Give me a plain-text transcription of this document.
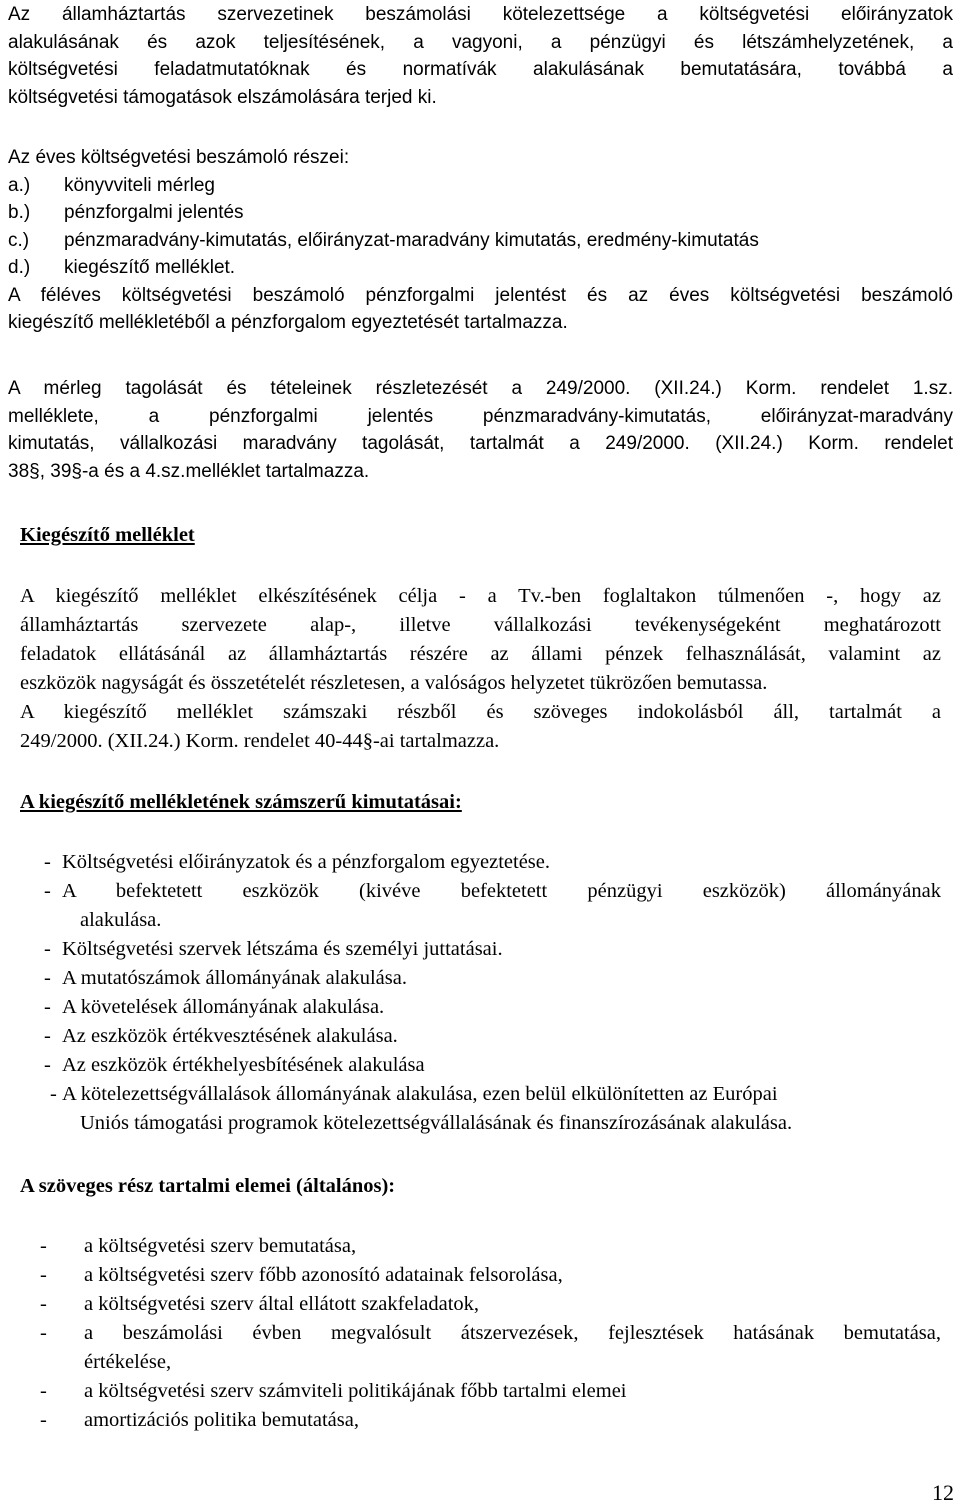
Az államháztartás szervezetinek beszámolási kötelezettsége a költségvetési előirányzatok
alakulásának és azok teljesítésének, a vagyoni, a pénzügyi és létszámhelyzetének, a
költségvetési feladatmutatóknak és normatívák alakulásának bemutatására, továbbá a
költségvetési támogatások elszámolására terjed ki.
Az éves költségvetési beszámoló részei:
a.) könyvviteli mérleg
b.) pénzforgalmi jelentés
c.) pénzmaradvány-kimutatás, előirányzat-maradvány kimutatás, eredmény-kimutatás
d.) kiegészítő melléklet.
A féléves költségvetési beszámoló pénzforgalmi jelentést és az éves költségvetési beszámoló
kiegészítő mellékletéből a pénzforgalom egyeztetését tartalmazza.
A mérleg tagolását és tételeinek részletezését a 249/2000. (XII.24.) Korm. rendelet 1.sz.
melléklete, a pénzforgalmi jelentés pénzmaradvány-kimutatás, előirányzat-maradvány
kimutatás, vállalkozási maradvány tagolását, tartalmát a 249/2000. (XII.24.) Korm. rendelet
38§, 39§-a és a 4.sz.melléklet tartalmazza.
Kiegészítő melléklet
A kiegészítő melléklet elkészítésének célja - a Tv.-ben foglaltakon túlmenően -, hogy az
államháztartás szervezete alap-, illetve vállalkozási tevékenységeként meghatározott
feladatok ellátásánál az államháztartás részére az állami pénzek felhasználását, valamint az
eszközök nagyságát és összetételét részletesen, a valóságos helyzetet tükrözően bemutassa.
A kiegészítő melléklet számszaki részből és szöveges indokolásból áll, tartalmát a
249/2000. (XII.24.) Korm. rendelet 40-44§-ai tartalmazza.
A kiegészítő mellékletének számszerű kimutatásai:
- Költségvetési előirányzatok és a pénzforgalom egyeztetése.
- A befektetett eszközök (kivéve befektetett pénzügyi eszközök) állományának
alakulása.
- Költségvetési szervek létszáma és személyi juttatásai.
- A mutatószámok állományának alakulása.
- A követelések állományának alakulása.
- Az eszközök értékvesztésének alakulása.
- Az eszközök értékhelyesbítésének alakulása
- A kötelezettségvállalások állományának alakulása, ezen belül elkülönítetten az Európai
Uniós támogatási programok kötelezettségvállalásának és finanszírozásának alakulása.
A szöveges rész tartalmi elemei (általános):
- a költségvetési szerv bemutatása,
- a költségvetési szerv főbb azonosító adatainak felsorolása,
- a költségvetési szerv által ellátott szakfeladatok,
-	a beszámolási évben megvalósult átszervezések, fejlesztések hatásának bemutatása,
értékelése,
- a költségvetési szerv számviteli politikájának főbb tartalmi elemei
- amortizációs politika bemutatása,
12
